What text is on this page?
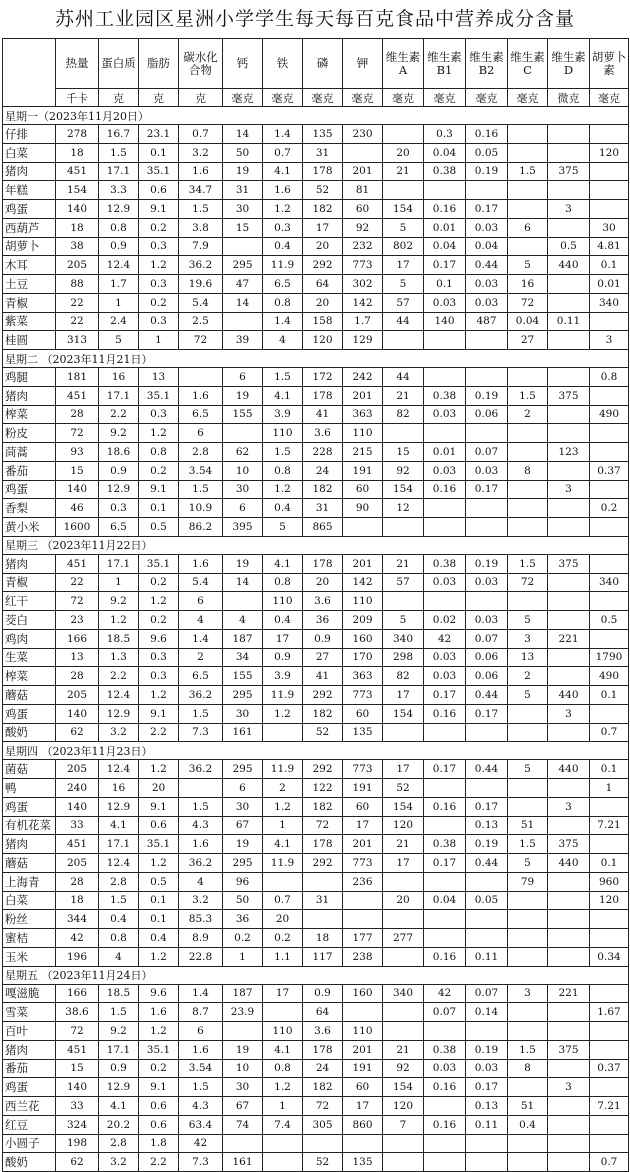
苏州工业园区星洲小学学生每天每百克食品中营养成分含量
	热量	蛋白质	脂肪	碳水化合物	钙	铁	磷	钾	维生素A	维生素B1	维生素B2	维生素C	维生素D	胡萝卜素
	千卡	克	克	克	毫克	毫克	毫克	毫克	毫克	毫克	毫克	毫克	微克	毫克
星期一（2023年11月20日）														
仔排	278	16.7	23.1	0.7	14	1.4	135	230		0.3	0.16			
白菜	18	1.5	0.1	3.2	50	0.7	31		20	0.04	0.05			120
猪肉	451	17.1	35.1	1.6	19	4.1	178	201	21	0.38	0.19	1.5	375	
年糕	154	3.3	0.6	34.7	31	1.6	52	81						
鸡蛋	140	12.9	9.1	1.5	30	1.2	182	60	154	0.16	0.17		3	
西葫芦	18	0.8	0.2	3.8	15	0.3	17	92	5	0.01	0.03	6		30
胡萝卜	38	0.9	0.3	7.9		0.4	20	232	802	0.04	0.04		0.5	4.81
木耳	205	12.4	1.2	36.2	295	11.9	292	773	17	0.17	0.44	5	440	0.1
土豆	88	1.7	0.3	19.6	47	6.5	64	302	5	0.1	0.03	16		0.01
青椒	22	1	0.2	5.4	14	0.8	20	142	57	0.03	0.03	72		340
紫菜	22	2.4	0.3	2.5		1.4	158	1.7	44	140	487	0.04	0.11	
桂圆	313	5	1	72	39	4	120	129				27		3
星期二 （2023年11月21日）														
鸡腿	181	16	13		6	1.5	172	242	44					0.8
猪肉	451	17.1	35.1	1.6	19	4.1	178	201	21	0.38	0.19	1.5	375	
榨菜	28	2.2	0.3	6.5	155	3.9	41	363	82	0.03	0.06	2		490
粉皮	72	9.2	1.2	6		110	3.6	110						
茼蒿	93	18.6	0.8	2.8	62	1.5	228	215	15	0.01	0.07		123	
番茄	15	0.9	0.2	3.54	10	0.8	24	191	92	0.03	0.03	8		0.37
鸡蛋	140	12.9	9.1	1.5	30	1.2	182	60	154	0.16	0.17		3	
香梨	46	0.3	0.1	10.9	6	0.4	31	90	12					0.2
黄小米	1600	6.5	0.5	86.2	395	5	865							
星期三 （2023年11月22日）														
猪肉	451	17.1	35.1	1.6	19	4.1	178	201	21	0.38	0.19	1.5	375	
青椒	22	1	0.2	5.4	14	0.8	20	142	57	0.03	0.03	72		340
红干	72	9.2	1.2	6		110	3.6	110						
茭白	23	1.2	0.2	4	4	0.4	36	209	5	0.02	0.03	5		0.5
鸡肉	166	18.5	9.6	1.4	187	17	0.9	160	340	42	0.07	3	221	
生菜	13	1.3	0.3	2	34	0.9	27	170	298	0.03	0.06	13		1790
榨菜	28	2.2	0.3	6.5	155	3.9	41	363	82	0.03	0.06	2		490
蘑菇	205	12.4	1.2	36.2	295	11.9	292	773	17	0.17	0.44	5	440	0.1
鸡蛋	140	12.9	9.1	1.5	30	1.2	182	60	154	0.16	0.17		3	
酸奶	62	3.2	2.2	7.3	161		52	135						0.7
星期四 （2023年11月23日）														
菌菇	205	12.4	1.2	36.2	295	11.9	292	773	17	0.17	0.44	5	440	0.1
鸭	240	16	20		6	2	122	191	52					1
鸡蛋	140	12.9	9.1	1.5	30	1.2	182	60	154	0.16	0.17		3	
有机花菜	33	4.1	0.6	4.3	67	1	72	17	120		0.13	51		7.21
猪肉	451	17.1	35.1	1.6	19	4.1	178	201	21	0.38	0.19	1.5	375	
蘑菇	205	12.4	1.2	36.2	295	11.9	292	773	17	0.17	0.44	5	440	0.1
上海青	28	2.8	0.5	4	96			236				79		960
白菜	18	1.5	0.1	3.2	50	0.7	31		20	0.04	0.05			120
粉丝	344	0.4	0.1	85.3	36	20								
蜜桔	42	0.8	0.4	8.9	0.2	0.2	18	177	277					
玉米	196	4	1.2	22.8	1	1.1	117	238		0.16	0.11			0.34
星期五 （2023年11月24日）														
嘎滋脆	166	18.5	9.6	1.4	187	17	0.9	160	340	42	0.07	3	221	
雪菜	38.6	1.5	1.6	8.7	23.9		64			0.07	0.14			1.67
百叶	72	9.2	1.2	6		110	3.6	110						
猪肉	451	17.1	35.1	1.6	19	4.1	178	201	21	0.38	0.19	1.5	375	
番茄	15	0.9	0.2	3.54	10	0.8	24	191	92	0.03	0.03	8		0.37
鸡蛋	140	12.9	9.1	1.5	30	1.2	182	60	154	0.16	0.17		3	
西兰花	33	4.1	0.6	4.3	67	1	72	17	120		0.13	51		7.21
红豆	324	20.2	0.6	63.4	74	7.4	305	860	7	0.16	0.11	0.4		
小圆子	198	2.8	1.8	42										
酸奶	62	3.2	2.2	7.3	161		52	135						0.7
